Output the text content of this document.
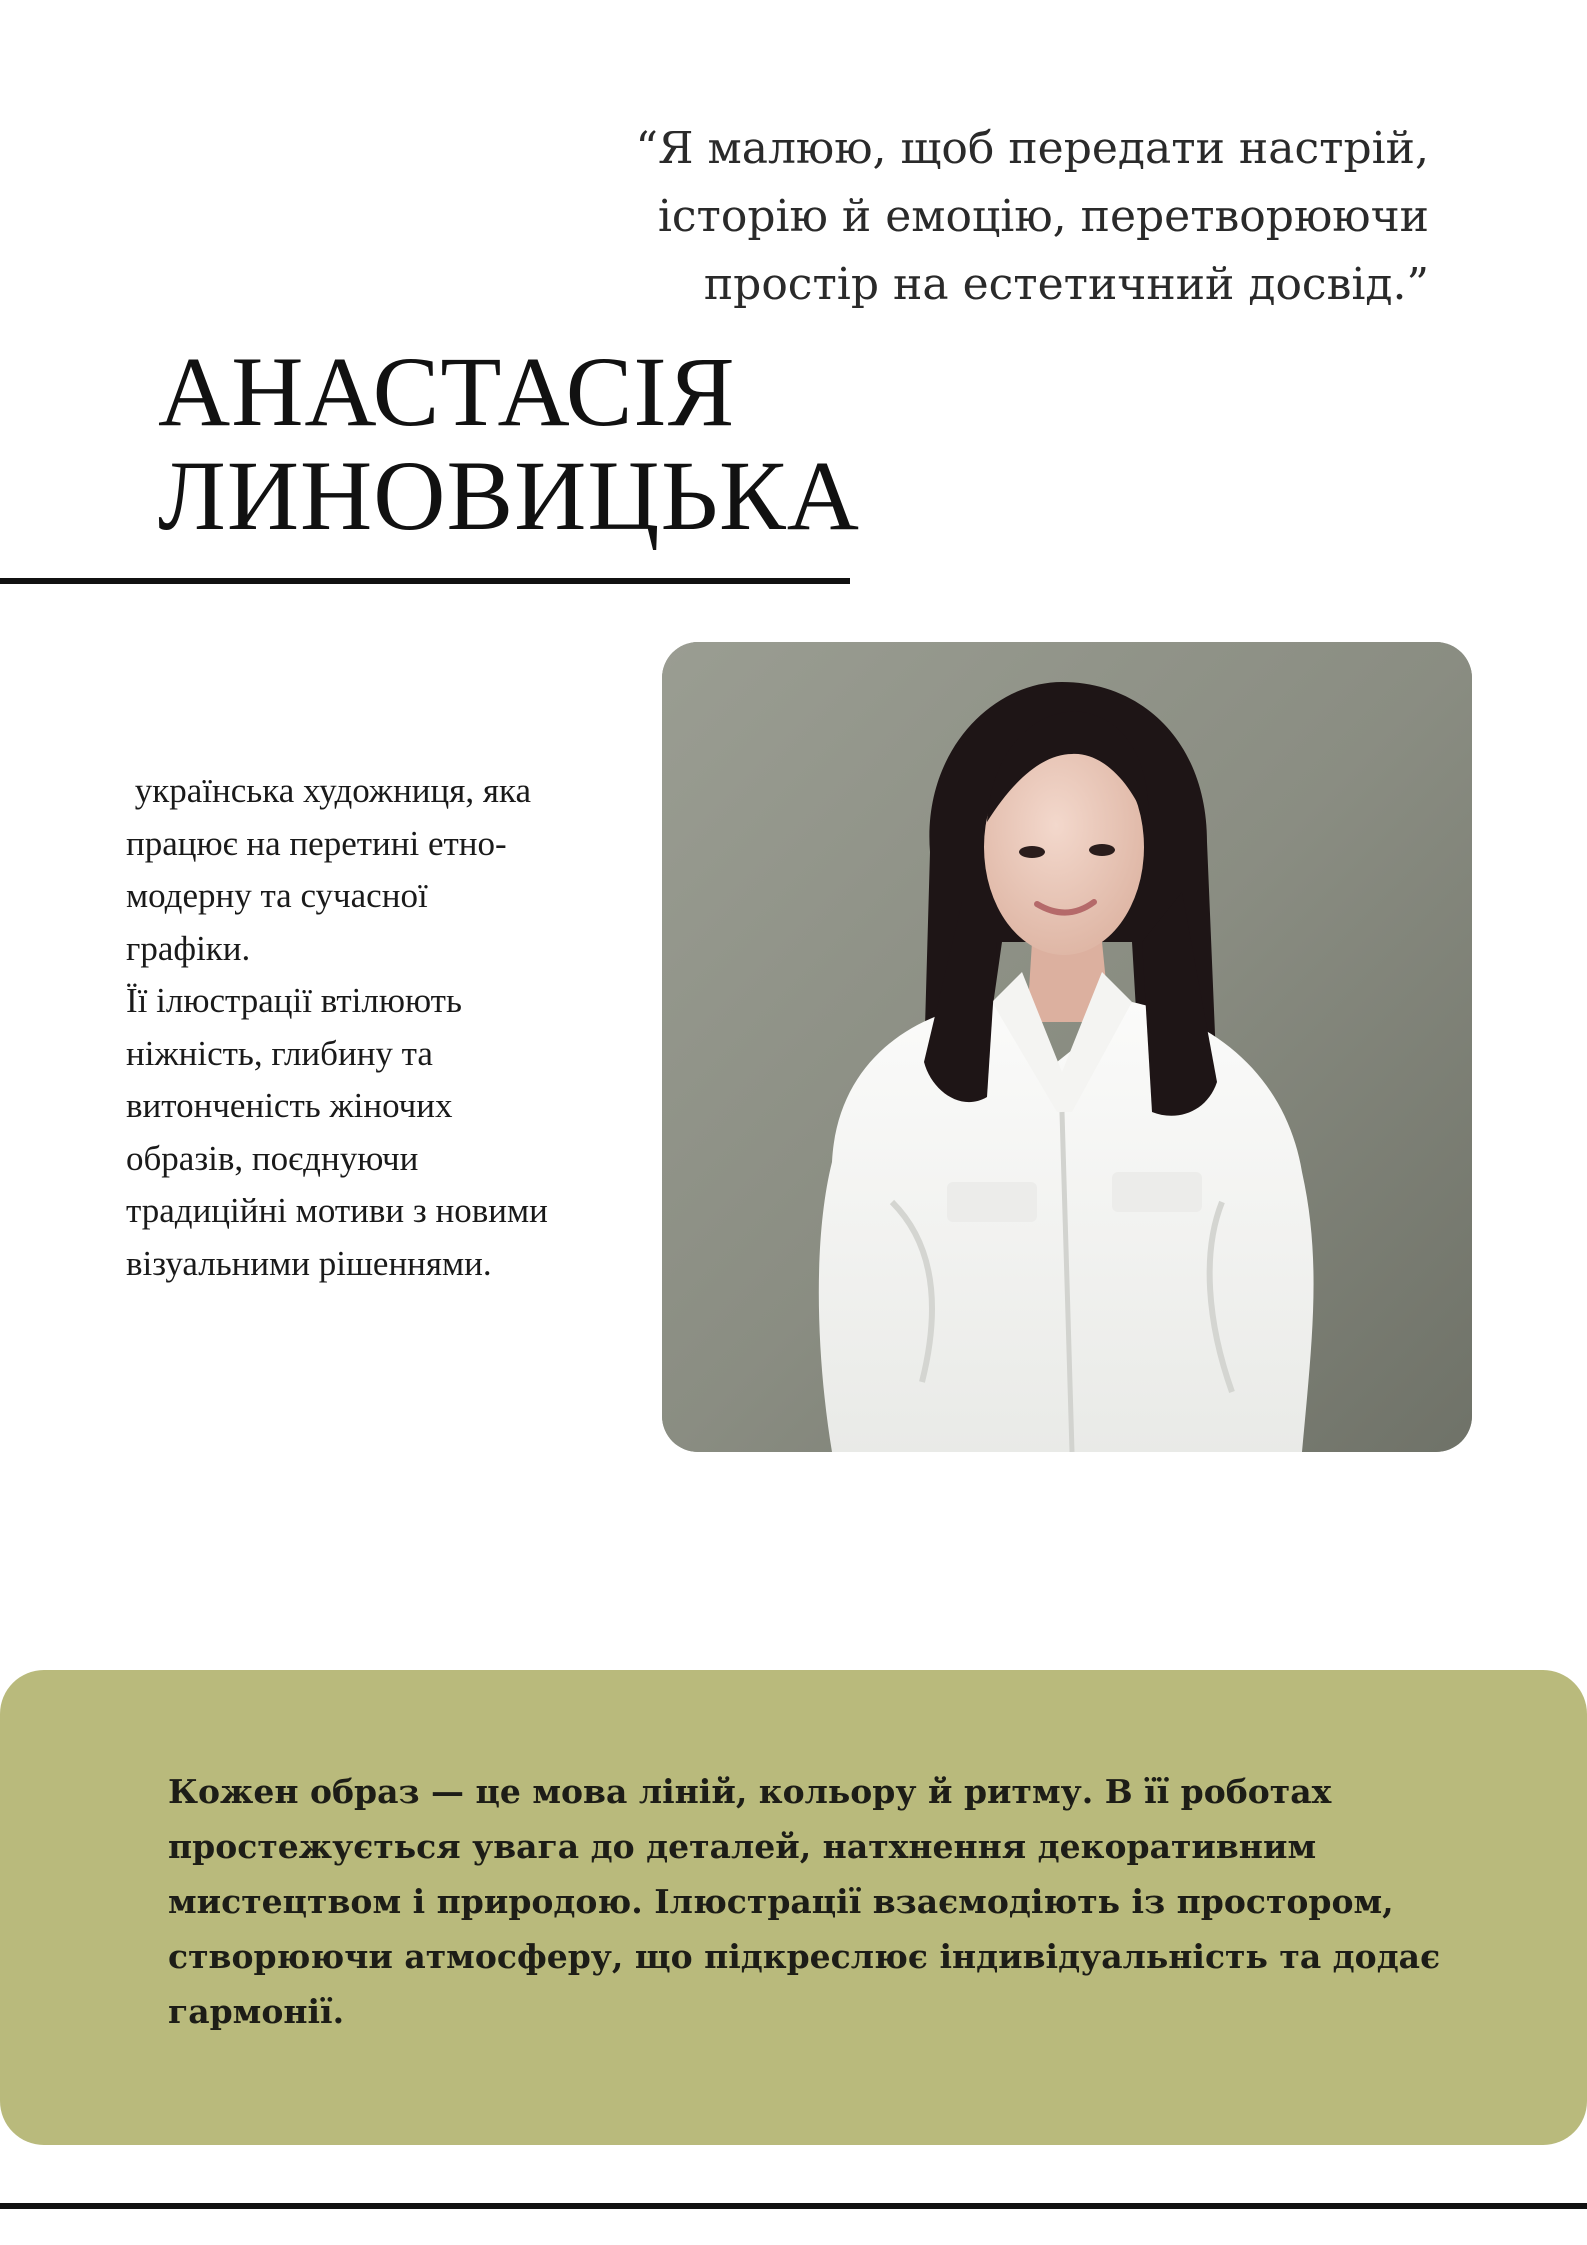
“Я малюю, щоб передати настрій,
історію й емоцію, перетворюючи
простір на естетичний досвід.”
АНАСТАСІЯ
ЛИНОВИЦЬКА
українська художниця, яка
працює на перетині етно-
модерну та сучасної
графіки.
Її ілюстрації втілюють
ніжність, глибину та
витонченість жіночих
образів, поєднуючи
традиційні мотиви з новими
візуальними рішеннями.
Кожен образ — це мова ліній, кольору й ритму. В її роботах
простежується увага до деталей, натхнення декоративним
мистецтвом і природою. Ілюстрації взаємодіють із простором,
створюючи атмосферу, що підкреслює індивідуальність та додає
гармонії.
